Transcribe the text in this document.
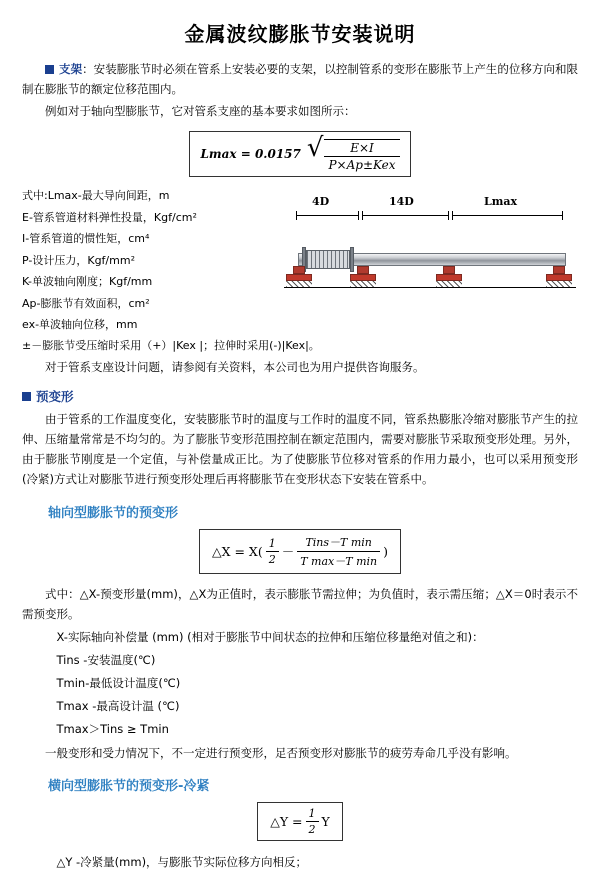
金属波纹膨胀节安装说明

支架：安装膨胀节时必须在管系上安装必要的支架，以控制管系的变形在膨胀节上产生的位移方向和限制在膨胀节的额定位移范围内。

例如对于轴向型膨胀节，它对管系支座的基本要求如图所示：

Lmax = 0.0157 √ $\frac{E\times I}{\text{P×Ap±Kex}}$
式中:Lmax-最大导向间距，m
E-管系管道材料弹性投量，Kgf/cm²
I-管系管道的惯性矩，cm⁴
P-设计压力，Kgf/mm²
K-单波轴向刚度；Kgf/mm
Ap-膨胀节有效面积，cm²
ex-单波轴向位移，mm
±－膨胀节受压缩时采用（+）|Kex |；拉伸时采用(-)|Kex|。
4D	14D	Lmax

对于管系支座设计问题，请参阅有关资料，本公司也为用户提供咨询服务。

预变形

由于管系的工作温度变化，安装膨胀节时的温度与工作时的温度不同，管系热膨胀冷缩对膨胀节产生的拉伸、压缩量常常是不均匀的。为了膨胀节变形范围控制在额定范围内，需要对膨胀节采取预变形处理。另外，由于膨胀节刚度是一个定值，与补偿量成正比。为了使膨胀节位移对管系的作用力最小，也可以采用预变形(冷紧)方式让对膨胀节进行预变形处理后再将膨胀节在变形状态下安装在管系中。

轴向型膨胀节的预变形
△X = $X( \frac{1}{2} - \frac{\text{Tins－T min}}{\text{T max－T min}}$ )

式中：△X-预变形量(mm)，△X为正值时，表示膨胀节需拉伸；为负值时，表示需压缩；△X＝0时表示不需预变形。

X-实际轴向补偿量 (mm) (相对于膨胀节中间状态的拉伸和压缩位移量绝对值之和)：
Tins -安装温度(℃)
Tmin-最低设计温度(℃)
Tmax -最高设计温 (℃)
Tmax＞Tins ≥ Tmin

一般变形和受力情况下，不一定进行预变形，足否预变形对膨胀节的疲劳寿命几乎没有影响。

横向型膨胀节的预变形-冷紧
△Y = $\frac{1}{2}$ Y
△Y -冷紧量(mm)，与膨胀节实际位移方向相反；
